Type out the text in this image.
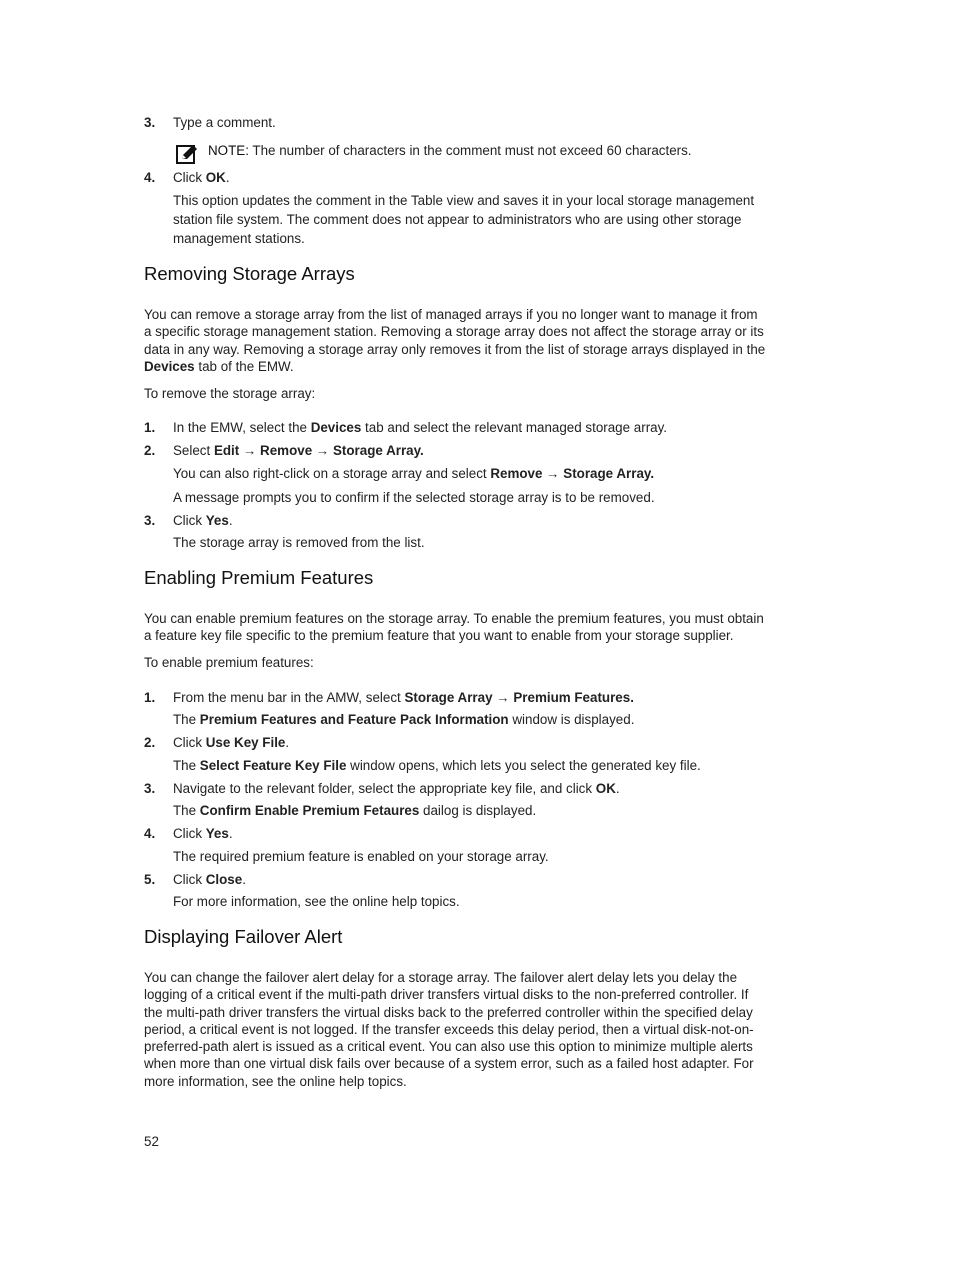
3. Type a comment.
NOTE: The number of characters in the comment must not exceed 60 characters.
4. Click OK.
This option updates the comment in the Table view and saves it in your local storage management
station file system. The comment does not appear to administrators who are using other storage
management stations.
Removing Storage Arrays
You can remove a storage array from the list of managed arrays if you no longer want to manage it from
a specific storage management station. Removing a storage array does not affect the storage array or its
data in any way. Removing a storage array only removes it from the list of storage arrays displayed in the
Devices tab of the EMW.
To remove the storage array:
1. In the EMW, select the Devices tab and select the relevant managed storage array.
2. Select Edit → Remove → Storage Array.
You can also right-click on a storage array and select Remove → Storage Array.
A message prompts you to confirm if the selected storage array is to be removed.
3. Click Yes.
The storage array is removed from the list.
Enabling Premium Features
You can enable premium features on the storage array. To enable the premium features, you must obtain
a feature key file specific to the premium feature that you want to enable from your storage supplier.
To enable premium features:
1. From the menu bar in the AMW, select Storage Array → Premium Features.
The Premium Features and Feature Pack Information window is displayed.
2. Click Use Key File.
The Select Feature Key File window opens, which lets you select the generated key file.
3. Navigate to the relevant folder, select the appropriate key file, and click OK.
The Confirm Enable Premium Fetaures dailog is displayed.
4. Click Yes.
The required premium feature is enabled on your storage array.
5. Click Close.
For more information, see the online help topics.
Displaying Failover Alert
You can change the failover alert delay for a storage array. The failover alert delay lets you delay the
logging of a critical event if the multi-path driver transfers virtual disks to the non-preferred controller. If
the multi-path driver transfers the virtual disks back to the preferred controller within the specified delay
period, a critical event is not logged. If the transfer exceeds this delay period, then a virtual disk-not-on-
preferred-path alert is issued as a critical event. You can also use this option to minimize multiple alerts
when more than one virtual disk fails over because of a system error, such as a failed host adapter. For
more information, see the online help topics.
52
